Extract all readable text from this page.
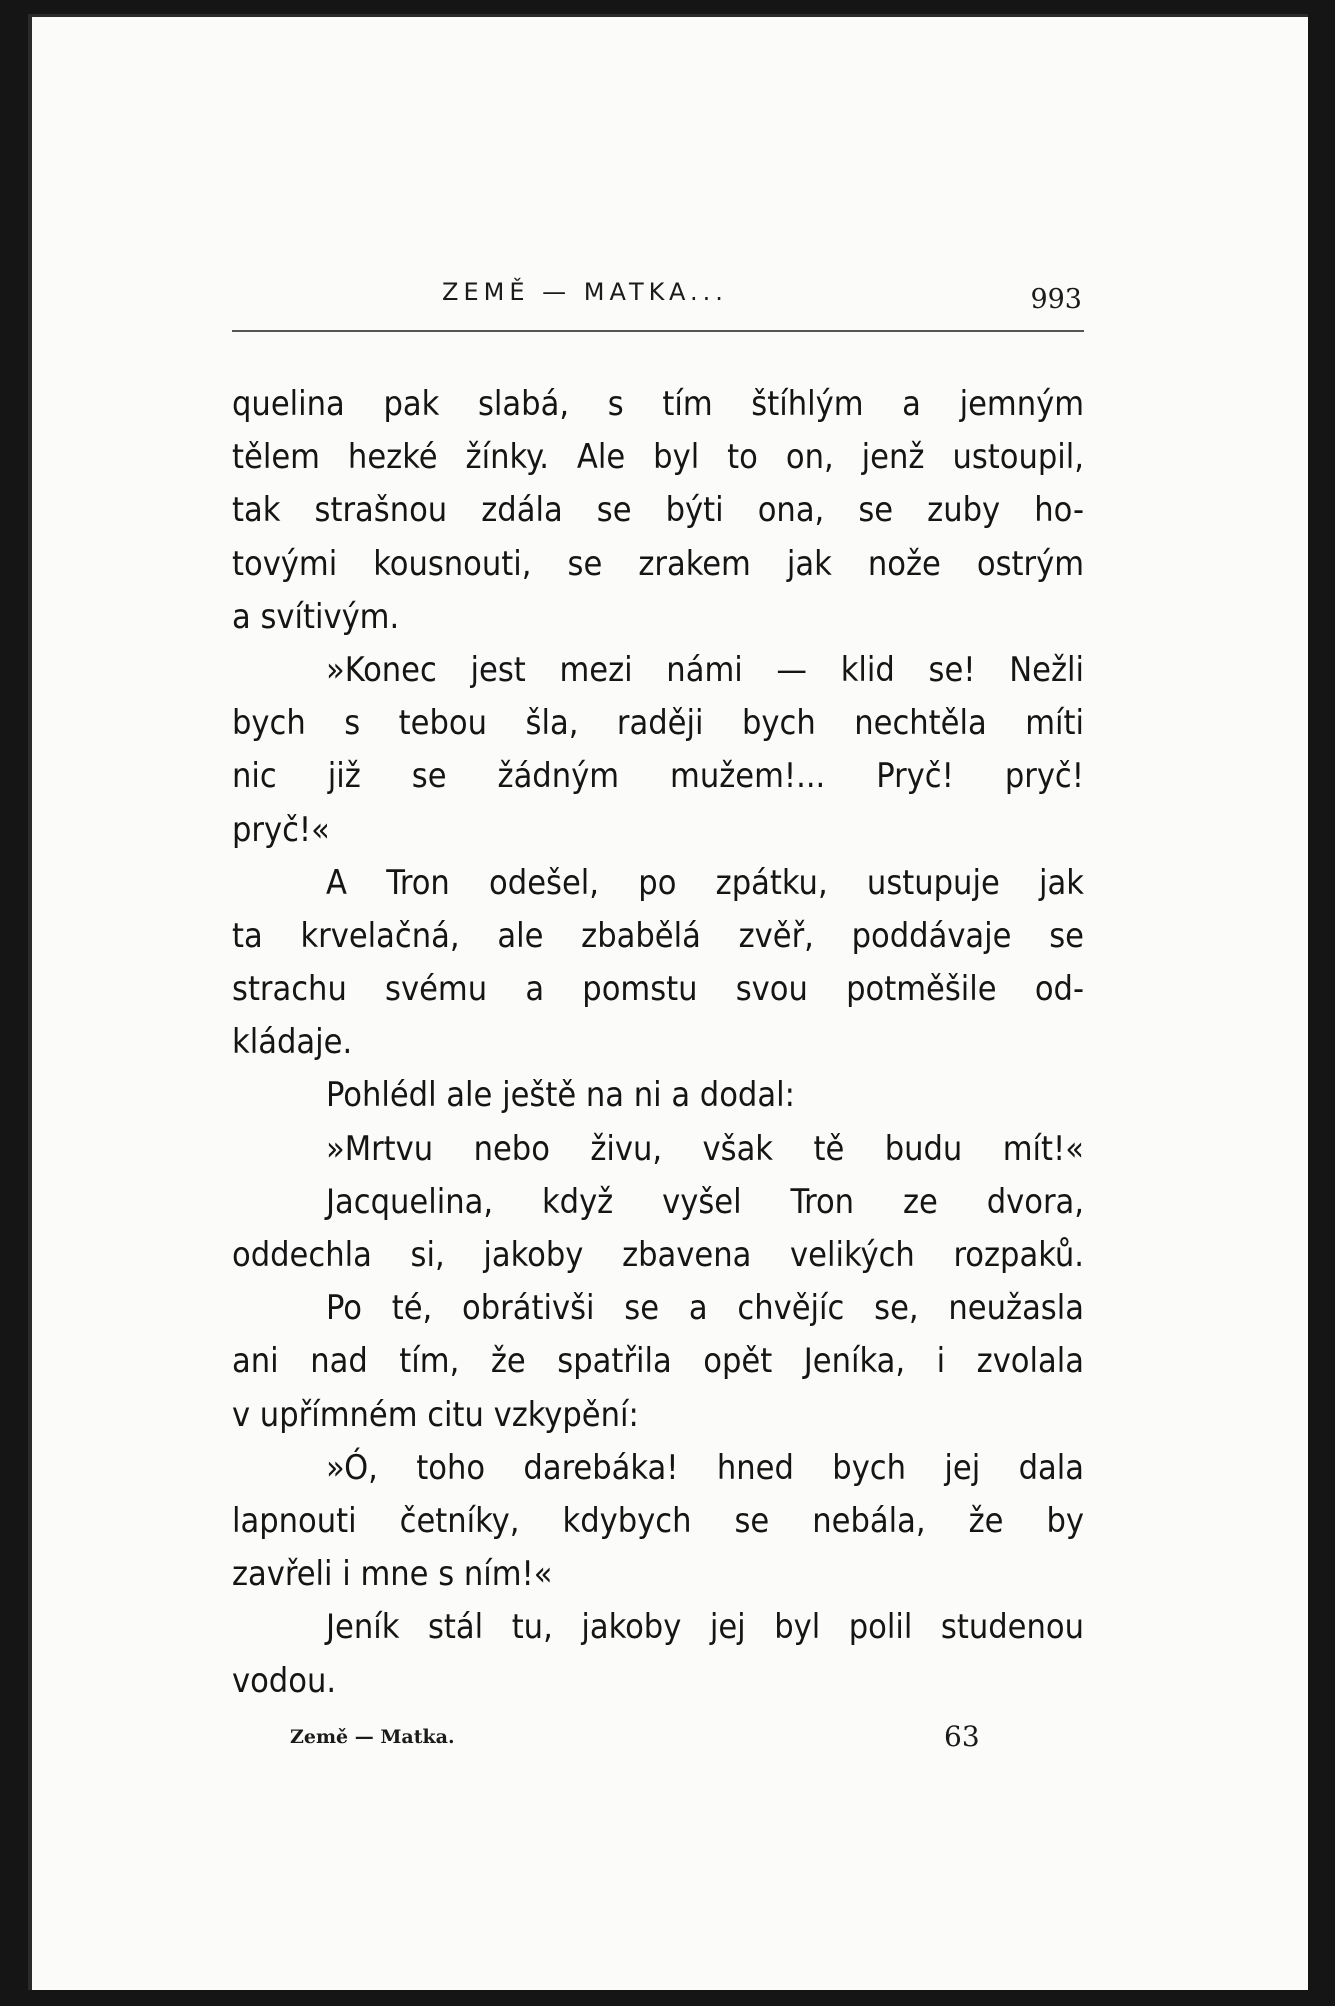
ZEMĚ — MATKA...	993
quelina pak slabá, s tím štíhlým a jemným
tělem hezké žínky. Ale byl to on, jenž ustoupil,
tak strašnou zdála se býti ona, se zuby ho-
tovými kousnouti, se zrakem jak nože ostrým
a svítivým.
»Konec jest mezi námi — klid se! Nežli
bych s tebou šla, raději bych nechtěla míti
nic již se žádným mužem!... Pryč! pryč!
pryč!«
A Tron odešel, po zpátku, ustupuje jak
ta krvelačná, ale zbabělá zvěř, poddávaje se
strachu svému a pomstu svou potměšile od-
kládaje.
Pohlédl ale ještě na ni a dodal:
»Mrtvu nebo živu, však tě budu mít!«
Jacquelina, když vyšel Tron ze dvora,
oddechla si, jakoby zbavena velikých rozpaků.
Po té, obrátivši se a chvějíc se, neužasla
ani nad tím, že spatřila opět Jeníka, i zvolala
v upřímném citu vzkypění:
»Ó, toho darebáka! hned bych jej dala
lapnouti četníky, kdybych se nebála, že by
zavřeli i mne s ním!«
Jeník stál tu, jakoby jej byl polil studenou
vodou.
Země — Matka.	63
